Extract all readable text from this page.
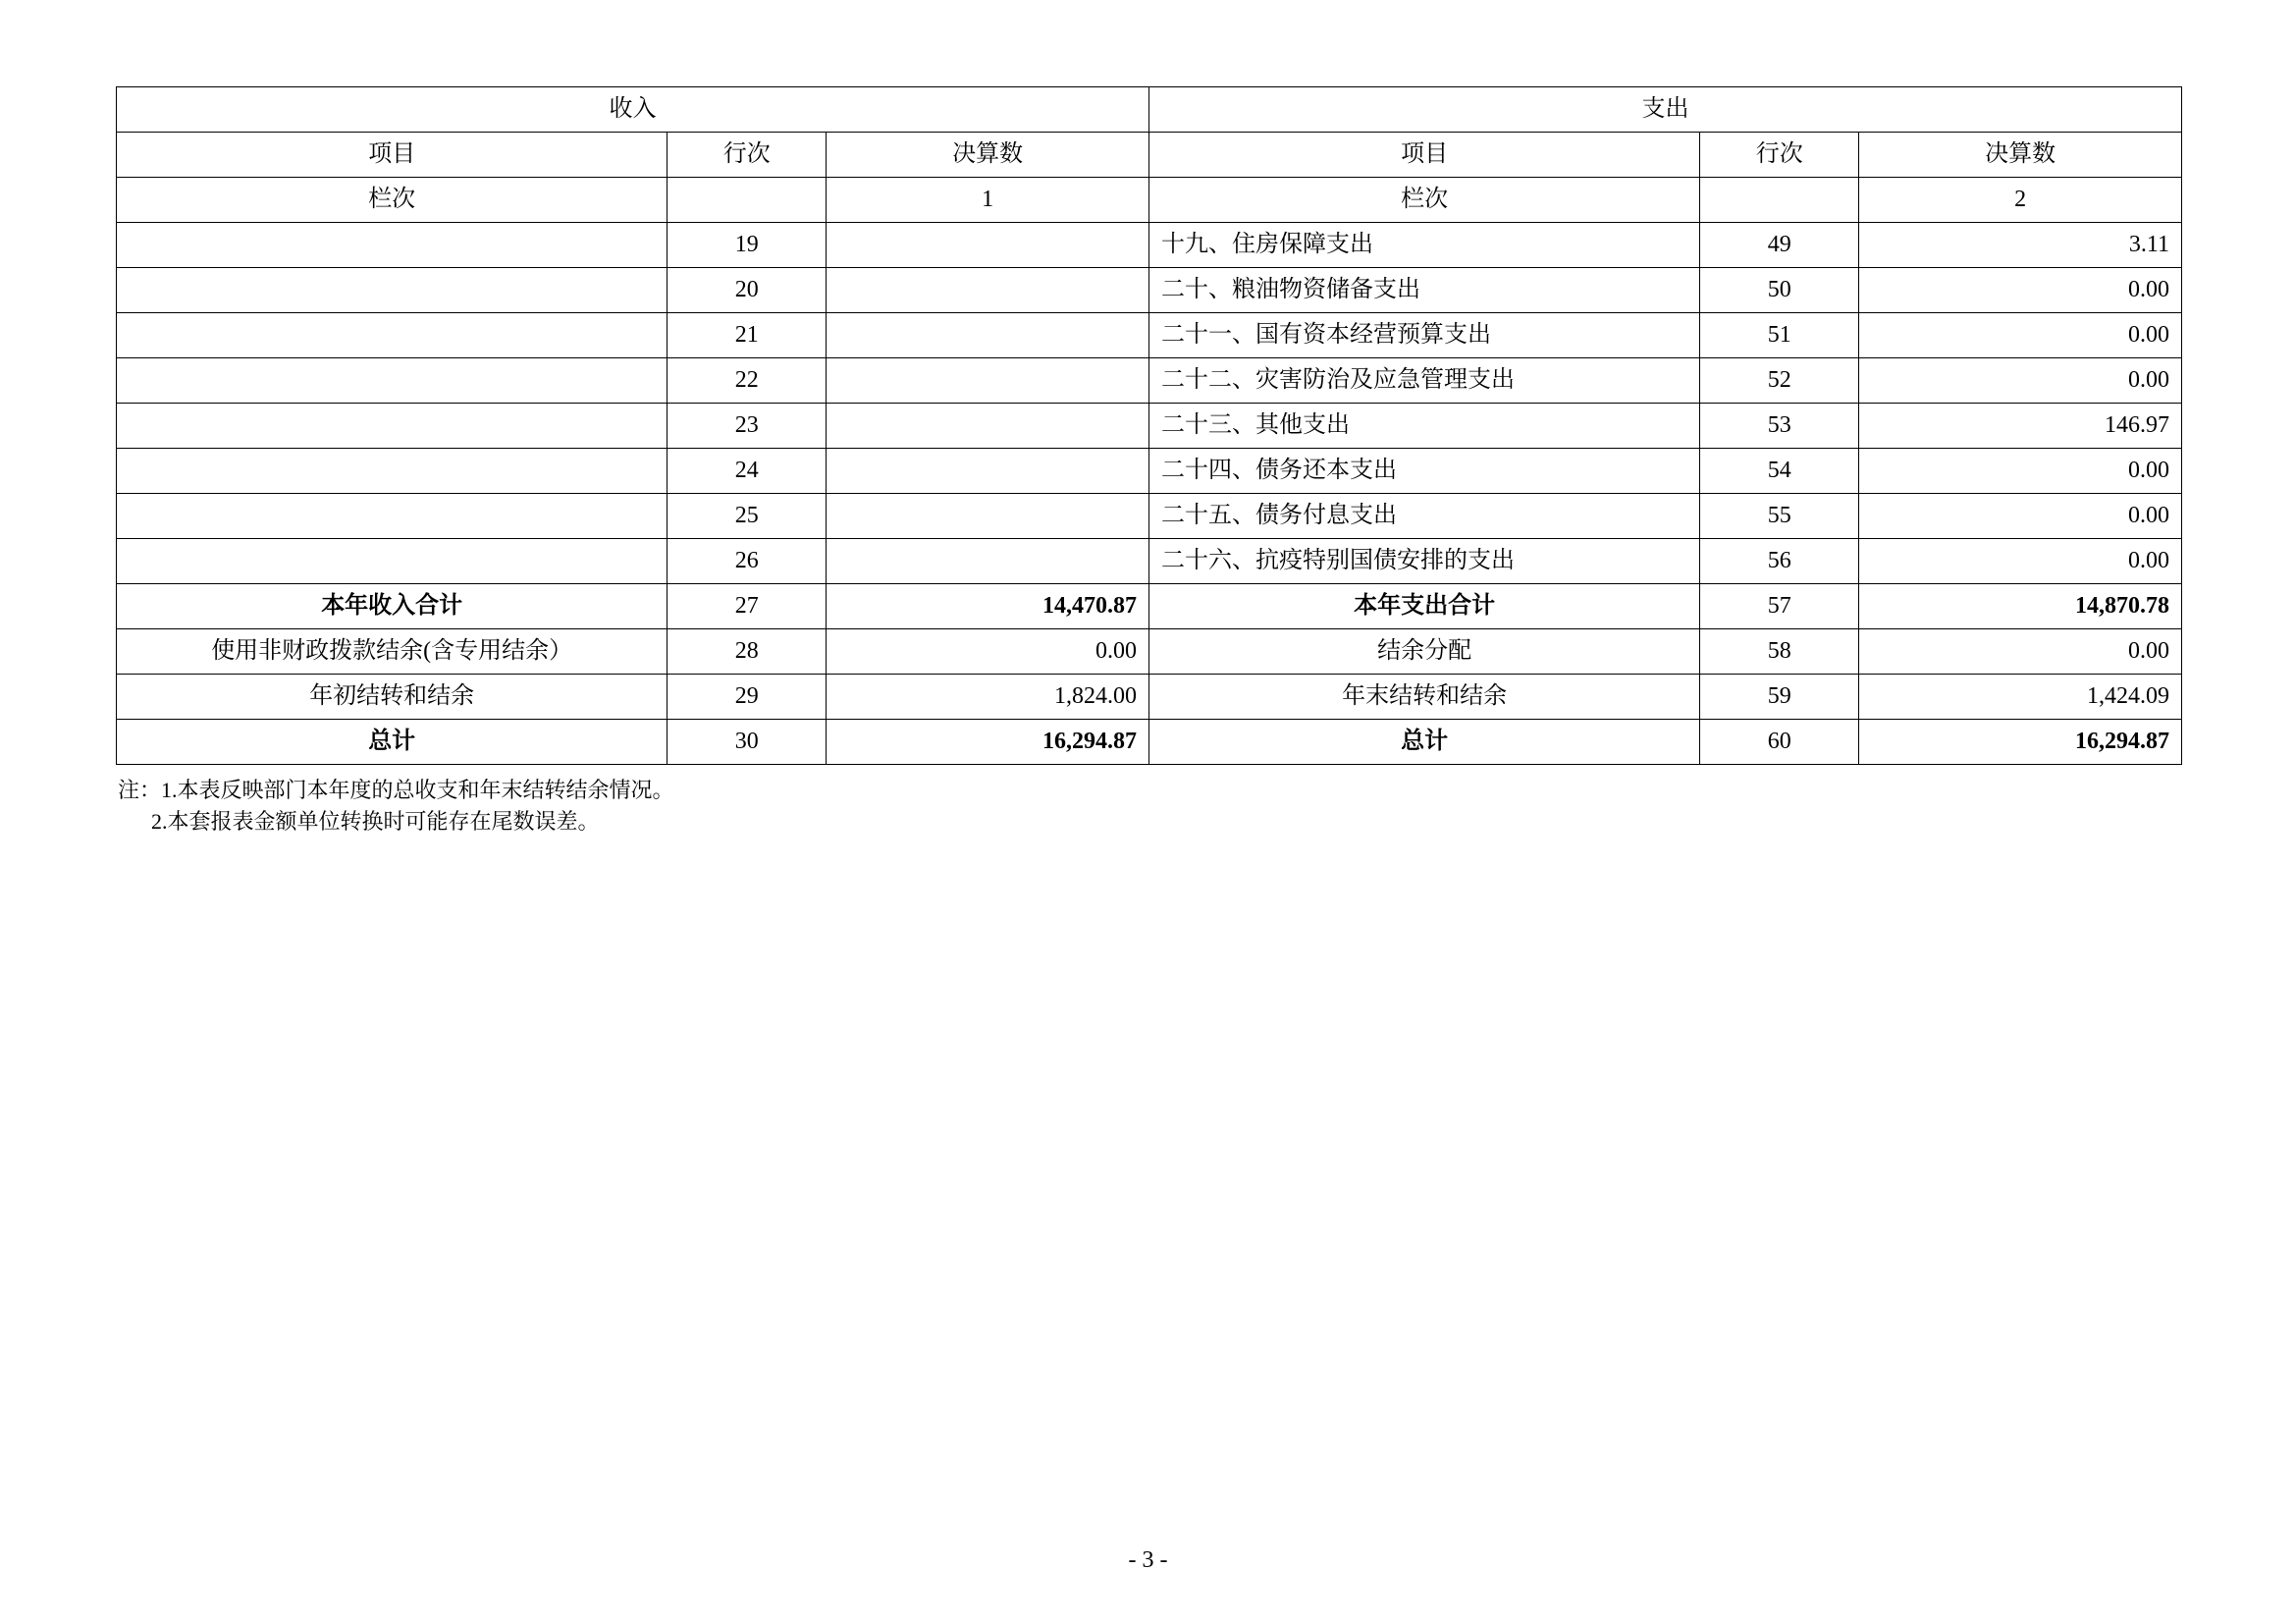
收入			支出		
项目	行次	决算数	项目	行次	决算数
栏次		1	栏次		2
	19		十九、住房保障支出	49	3.11
	20		二十、粮油物资储备支出	50	0.00
	21		二十一、国有资本经营预算支出	51	0.00
	22		二十二、灾害防治及应急管理支出	52	0.00
	23		二十三、其他支出	53	146.97
	24		二十四、债务还本支出	54	0.00
	25		二十五、债务付息支出	55	0.00
	26		二十六、抗疫特别国债安排的支出	56	0.00
本年收入合计	27	14,470.87	本年支出合计	57	14,870.78
使用非财政拨款结余(含专用结余）	28	0.00	结余分配	58	0.00
年初结转和结余	29	1,824.00	年末结转和结余	59	1,424.09
总计	30	16,294.87	总计	60	16,294.87
注：1.本表反映部门本年度的总收支和年末结转结余情况。
2.本套报表金额单位转换时可能存在尾数误差。
- 3 -
